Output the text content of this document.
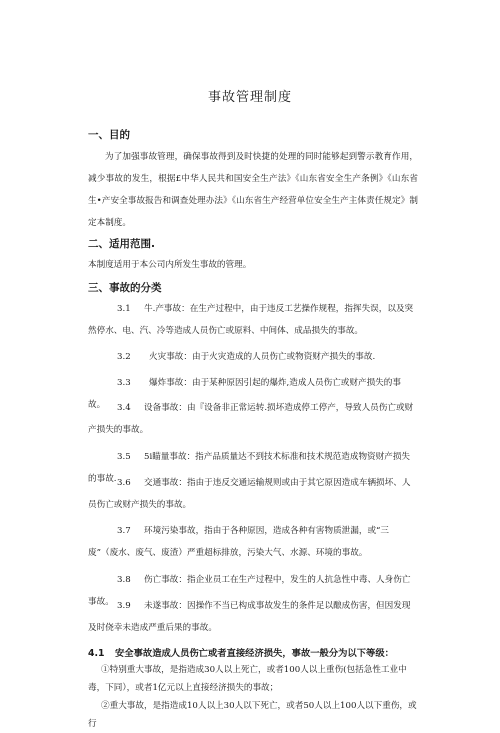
事故管理制度
一、目的
为了加强事故管理，确保事故得到及时快捷的处理的同时能够起到警示教育作用，减少事故的发生，根据£中华人民共和国安全生产法》《山东省安全生产条例》《山东省生•产安全事故报告和调查处理办法》《山东省生产经营单位安全生产主体责任规定》制定本制度。
二、适用范围.
本制度适用于本公司内所发生事故的管理。
三、事故的分类
3.1 牛.产事故：在生产过程中，由于违反工艺操作规程，指挥失误，以及突然停水、电、汽、冷等造成人员伤亡或原料、中间体、成品损失的事故。
3.2 火灾事故：由于火灾造成的人员伤亡或物资财产损失的事故.
3.3 爆炸事故：由于某种原因引起的爆炸,造成人员伤亡或财产损失的事故。	3.4 设备事故：由『设备非正常运转.损坏造成停工停产，导致人员伤亡或财产损失的事故。
3.5 5i瞄量事故：指产品质量达不到技术标准和技术规范造成物资财产损失的事故. 3.6 交通事故：指由于违反交通运输规则或由于其它原因造成车辆损坏、人员伤亡或财产损失的事故。
3.7 环境污染事故，指由于各种原因，造成各种有害物质泄漏，或“三废”（废水、废气、废渣）严重超标排放，污染大气、水源、环境的事故。
3.8 伤亡事故：指企业员工在生产过程中，发生的人抗急性中毒、人身伤亡事故。 3.9 未遂事故：因操作不当已构成事故发生的条件足以酿成伤害，但因发现及时侥幸未造成严重后果的事故。
4.1 安全事故造成人员伤亡或者直接经济损失，事故一般分为以下等级：
①特别重大事故，是指造成30人以上死亡，或者100人以上重伤(包括急性工业中毒，下同），或者1亿元以上直接经济损失的事故；
②重大事故，是指造成10人以上30人以下死亡，或者50人以上100人以下重伤，或行
